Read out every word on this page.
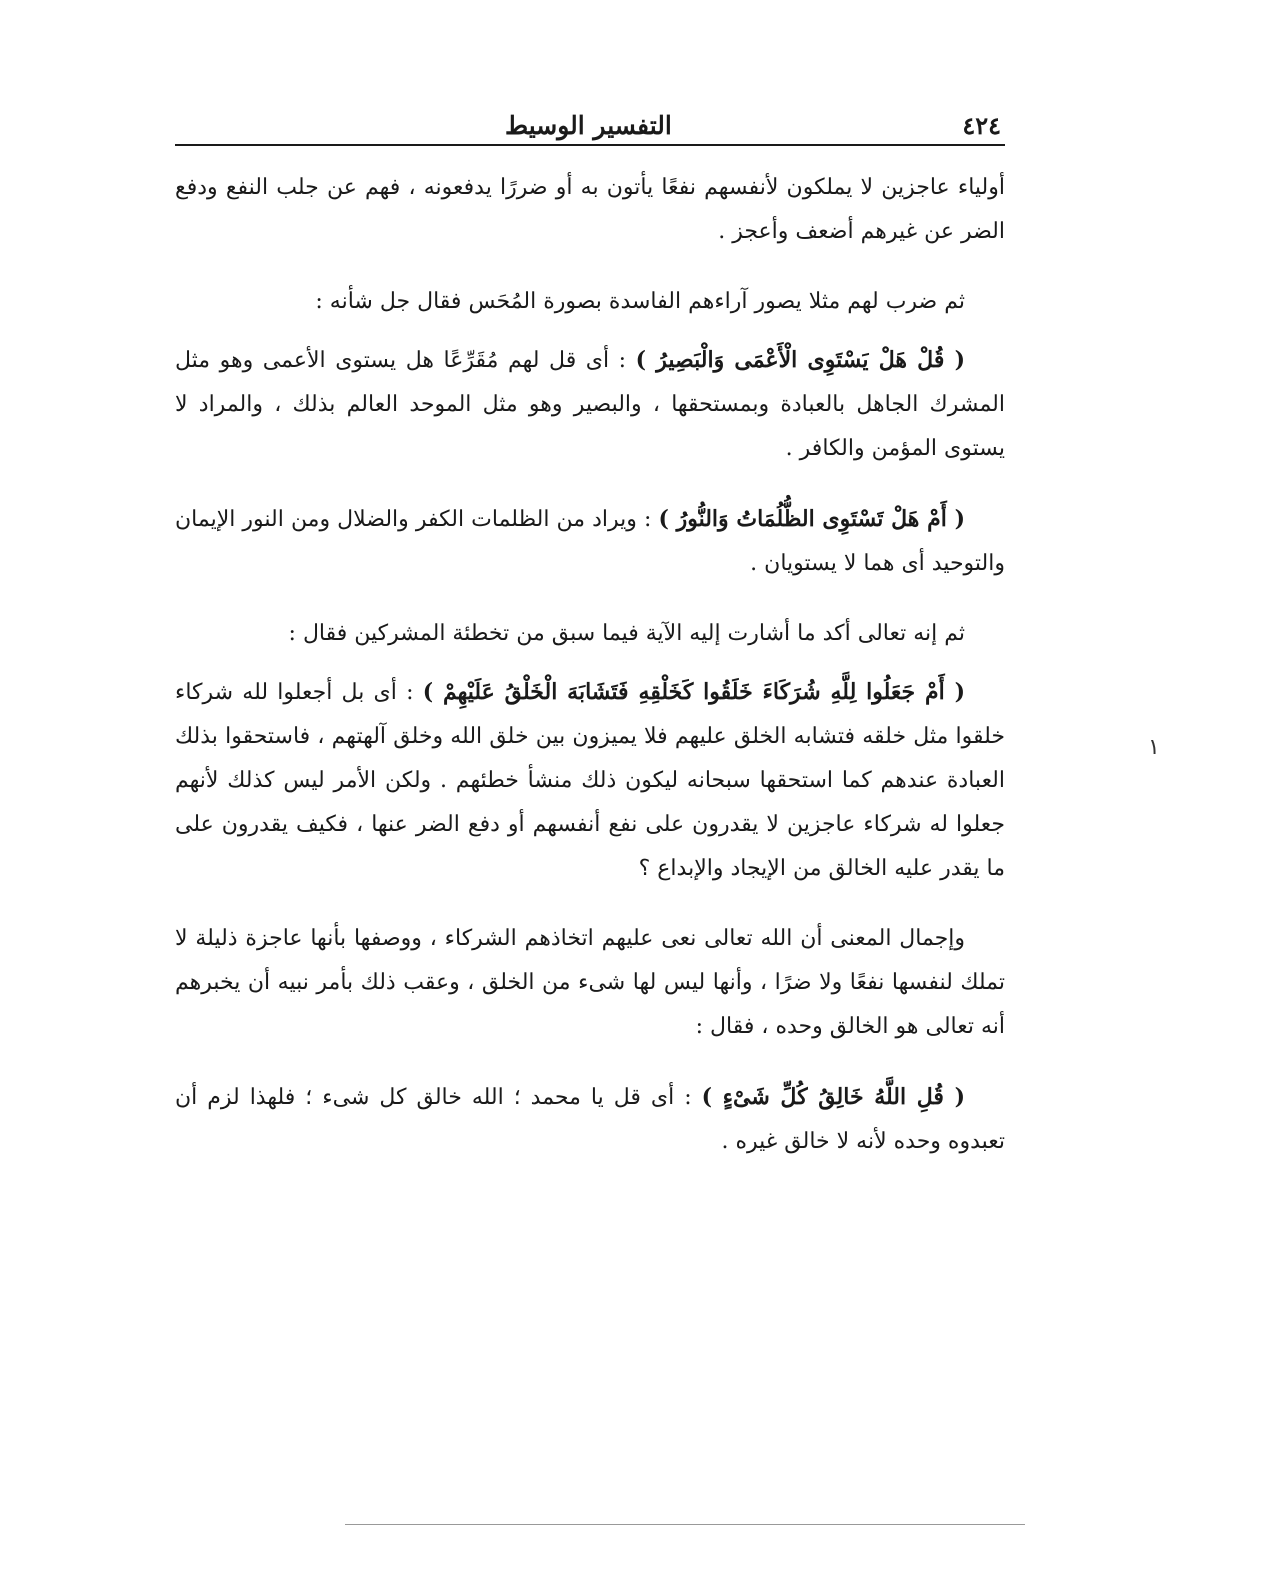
٤٢٤
التفسير الوسيط

أولياء عاجزين لا يملكون لأنفسهم نفعًا يأتون به أو ضررًا يدفعونه ، فهم عن جلب النفع ودفع الضر عن غيرهم أضعف وأعجز .

ثم ضرب لهم مثلا يصور آراءهم الفاسدة بصورة المُحَس فقال جل شأنه :

( قُلْ هَلْ يَسْتَوِى الْأَعْمَى وَالْبَصِيرُ ) : أى قل لهم مُقَرِّعًا هل يستوى الأعمى وهو مثل المشرك الجاهل بالعبادة وبمستحقها ، والبصير وهو مثل الموحد العالم بذلك ، والمراد لا يستوى المؤمن والكافر .

( أَمْ هَلْ تَسْتَوِى الظُّلُمَاتُ وَالنُّورُ ) : ويراد من الظلمات الكفر والضلال ومن النور الإيمان والتوحيد أى هما لا يستويان .

ثم إنه تعالى أكد ما أشارت إليه الآية فيما سبق من تخطئة المشركين فقال :

( أَمْ جَعَلُوا لِلَّهِ شُرَكَاءَ خَلَقُوا كَخَلْقِهِ فَتَشَابَهَ الْخَلْقُ عَلَيْهِمْ ) : أى بل أجعلوا لله شركاء خلقوا مثل خلقه فتشابه الخلق عليهم فلا يميزون بين خلق الله وخلق آلهتهم ، فاستحقوا بذلك العبادة عندهم كما استحقها سبحانه ليكون ذلك منشأ خطئهم . ولكن الأمر ليس كذلك لأنهم جعلوا له شركاء عاجزين لا يقدرون على نفع أنفسهم أو دفع الضر عنها ، فكيف يقدرون على ما يقدر عليه الخالق من الإيجاد والإبداع ؟

وإجمال المعنى أن الله تعالى نعى عليهم اتخاذهم الشركاء ، ووصفها بأنها عاجزة ذليلة لا تملك لنفسها نفعًا ولا ضرًا ، وأنها ليس لها شىء من الخلق ، وعقب ذلك بأمر نبيه أن يخبرهم أنه تعالى هو الخالق وحده ، فقال :

( قُلِ اللَّهُ خَالِقُ كُلِّ شَىْءٍ ) : أى قل يا محمد ؛ الله خالق كل شىء ؛ فلهذا لزم أن تعبدوه وحده لأنه لا خالق غيره .

١
